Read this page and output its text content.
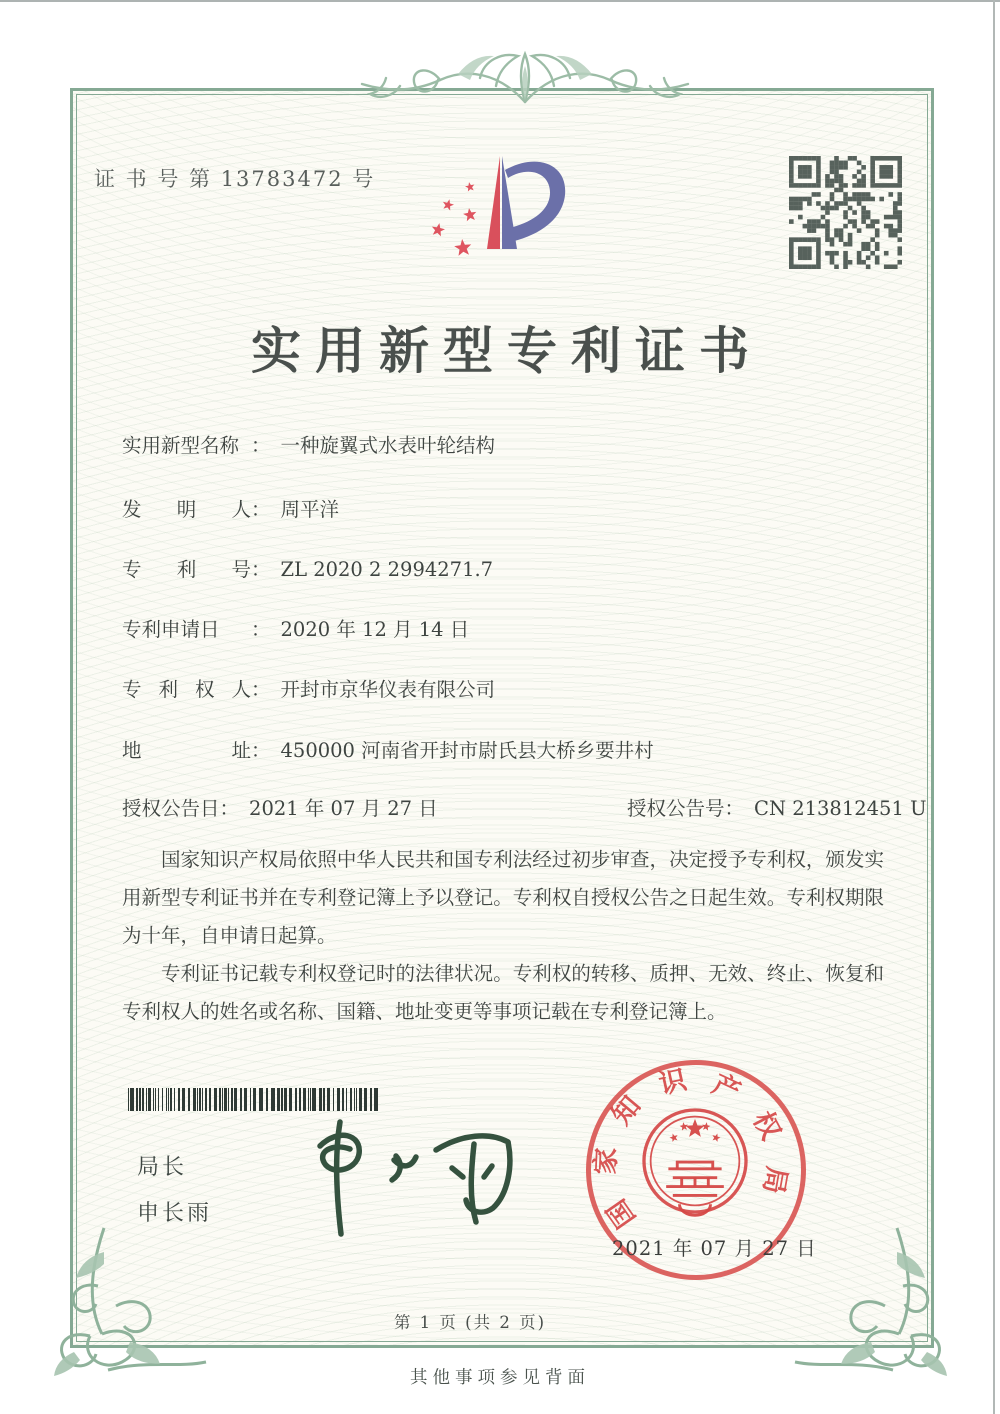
证 书 号 第 13783472 号
实用新型专利证书
实用新型名称 ： 一种旋翼式水表叶轮结构
发明人： 周平洋
专利号： ZL 2020 2 2994271.7
专利申请日 ： 2020 年 12 月 14 日
专利权人： 开封市京华仪表有限公司
地址： 450000 河南省开封市尉氏县大桥乡要井村
授权公告日： 2021 年 07 月 27 日	授权公告号： CN 213812451 U

国家知识产权局依照中华人民共和国专利法经过初步审查，决定授予专利权，颁发实用新型专利证书并在专利登记簿上予以登记。专利权自授权公告之日起生效。专利权期限为十年，自申请日起算。

专利证书记载专利权登记时的法律状况。专利权的转移、质押、无效、终止、恢复和专利权人的姓名或名称、国籍、地址变更等事项记载在专利登记簿上。

局长
申长雨	国
家
知
识 产
权
局
2021 年 07 月 27 日
第 1 页 (共 2 页)
其他事项参见背面
